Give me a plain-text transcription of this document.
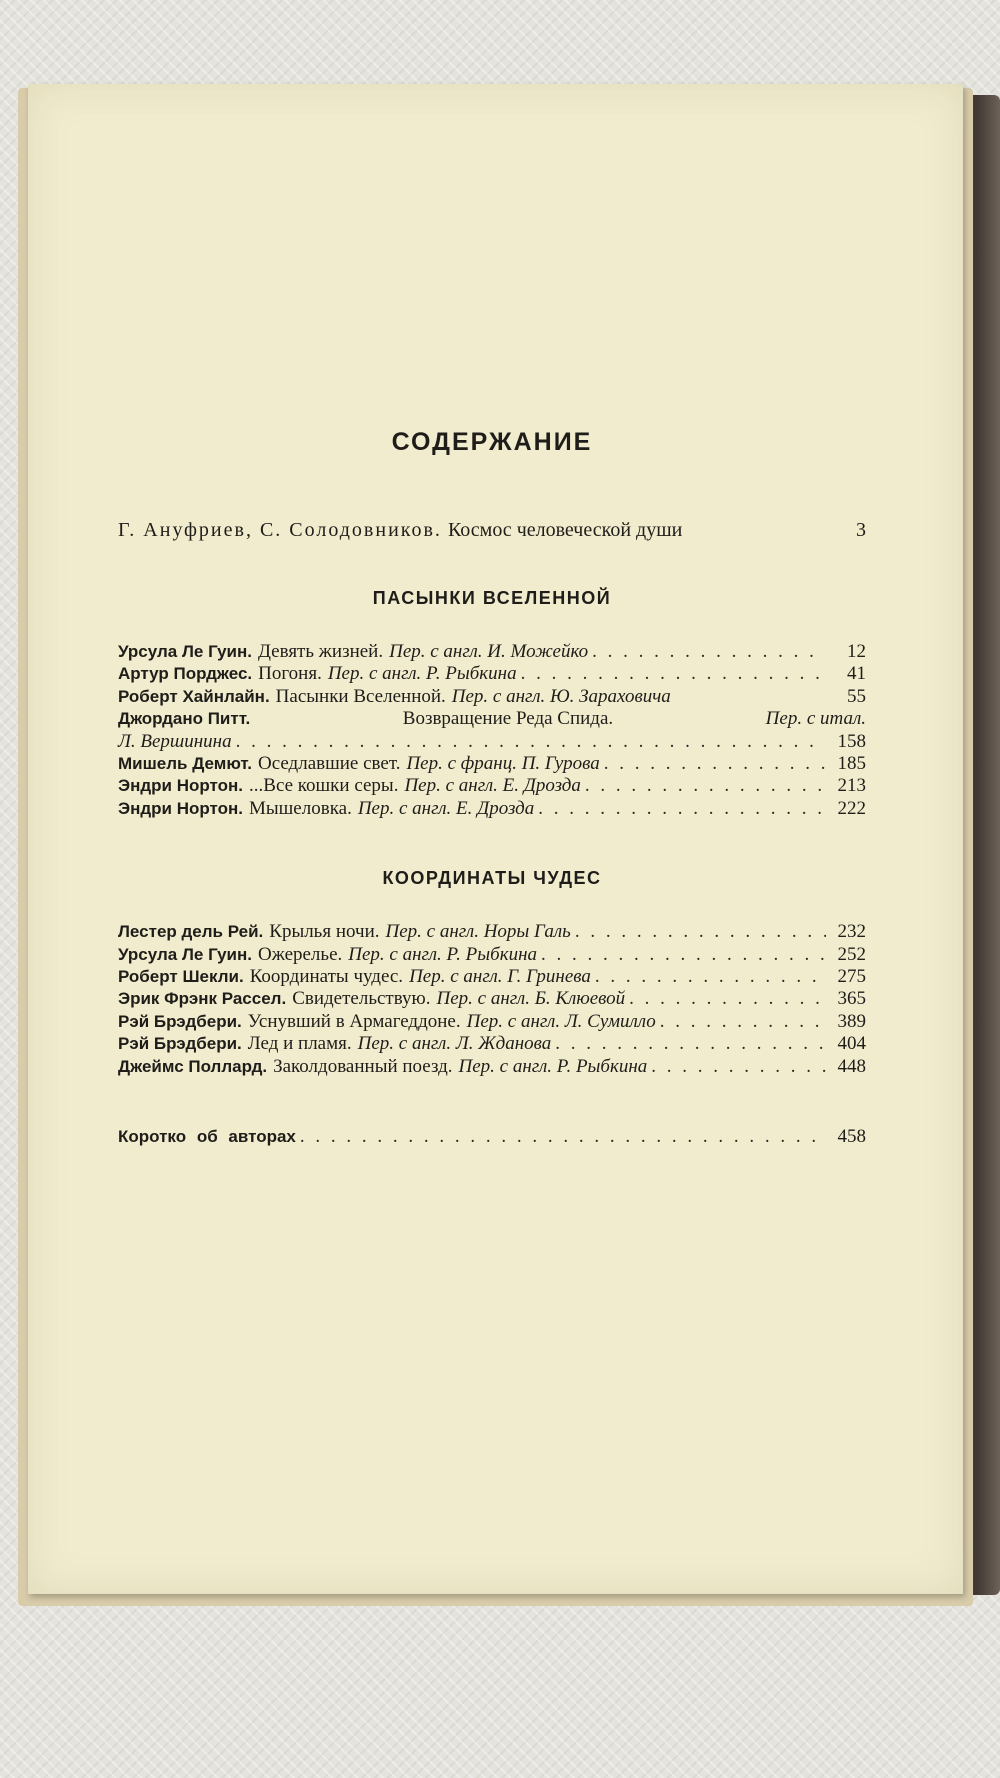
СОДЕРЖАНИЕ
Г. Ануфриев, С. Солодовников. Космос человеческой души	3
ПАСЫНКИ ВСЕЛЕННОЙ
Урсула Ле Гуин. Девять жизней. Пер. с англ. И. Можейко . . .	12
Артур Порджес. Погоня. Пер. с англ. Р. Рыбкина . . .	41
Роберт Хайнлайн. Пасынки Вселенной. Пер. с англ. Ю. Зараховича	55
Джордано Питт.	Возвращение Реда Спида.	Пер. с итал.
Л. Вершинина . . .	158
Мишель Демют. Оседлавшие свет. Пер. с франц. П. Гурова . . .	185
Эндри Нортон. ...Все кошки серы. Пер. с англ. Е. Дрозда . . .	213
Эндри Нортон. Мышеловка. Пер. с англ. Е. Дрозда . . .	222
КООРДИНАТЫ ЧУДЕС
Лестер дель Рей. Крылья ночи. Пер. с англ. Норы Галь . . .	232
Урсула Ле Гуин. Ожерелье. Пер. с англ. Р. Рыбкина . . .	252
Роберт Шекли. Координаты чудес. Пер. с англ. Г. Гринева . . .	275
Эрик Фрэнк Рассел. Свидетельствую. Пер. с англ. Б. Клюевой . . .	365
Рэй Брэдбери. Уснувший в Армагеддоне. Пер. с англ. Л. Сумилло . . .	389
Рэй Брэдбери. Лед и пламя. Пер. с англ. Л. Жданова . . .	404
Джеймс Поллард. Заколдованный поезд. Пер. с англ. Р. Рыбкина . . .	448
Коротко об авторах . . .	458
